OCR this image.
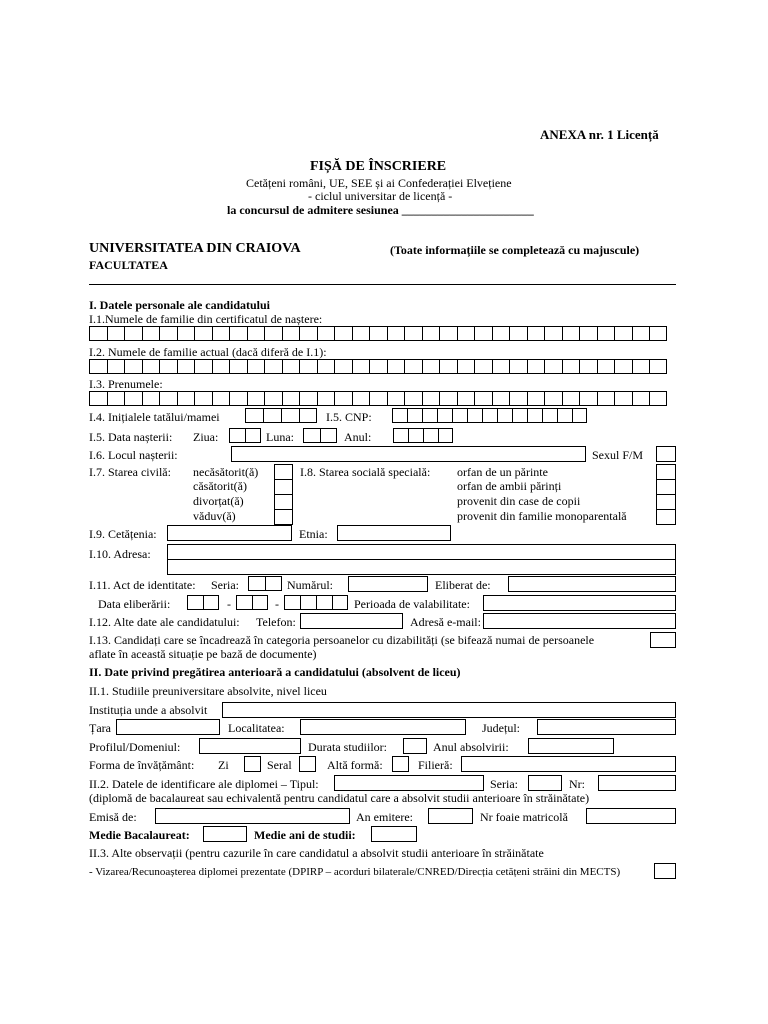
ANEXA nr. 1 Licență
FIȘĂ DE ÎNSCRIERE
Cetățeni români, UE, SEE și ai Confederației Elvețiene
- ciclul universitar de licență -
la concursul de admitere sesiunea ______________________
UNIVERSITATEA DIN CRAIOVA
FACULTATEA
(Toate informațiile se completează cu majuscule)
I. Datele personale ale candidatului
I.1.Numele de familie din certificatul de naștere:
I.2. Numele de familie actual (dacă diferă de I.1):
I.3. Prenumele:
I.4. Inițialele tatălui/mamei	I.5. CNP:
I.5. Data nașterii: Ziua:	Luna:	Anul:
I.6. Locul nașterii:	Sexul F/M
I.7. Starea civilă: necăsătorit(ă)
căsătorit(ă)
divorțat(ă)
văduv(ă)
I.8. Starea socială specială: orfan de un părinte
orfan de ambii părinți
provenit din case de copii
provenit din familie monoparentală
I.9. Cetățenia:	Etnia:
I.10. Adresa:
I.11. Act de identitate: Seria:	Numărul:	Eliberat de:
Data eliberării:	-	-	Perioada de valabilitate:
I.12. Alte date ale candidatului: Telefon:	Adresă e-mail:
I.13. Candidați care se încadrează în categoria persoanelor cu dizabilități (se bifează numai de persoanele
aflate în această situație pe bază de documente)
II. Date privind pregătirea anterioară a candidatului (absolvent de liceu)
II.1. Studiile preuniversitare absolvite, nivel liceu
Instituția unde a absolvit
Țara	Localitatea:	Județul:
Profilul/Domeniul:	Durata studiilor:	Anul absolvirii:
Forma de învățământ: Zi	Seral	Altă formă:	Filieră:
II.2. Datele de identificare ale diplomei – Tipul:	Seria:	Nr:
(diplomă de bacalaureat sau echivalentă pentru candidatul care a absolvit studii anterioare în străinătate)
Emisă de:	An emitere:	Nr foaie matricolă
Medie Bacalaureat:	Medie ani de studii:
II.3. Alte observații (pentru cazurile în care candidatul a absolvit studii anterioare în străinătate
- Vizarea/Recunoașterea diplomei prezentate (DPIRP – acorduri bilaterale/CNRED/Direcția cetățeni străini din MECTS)
